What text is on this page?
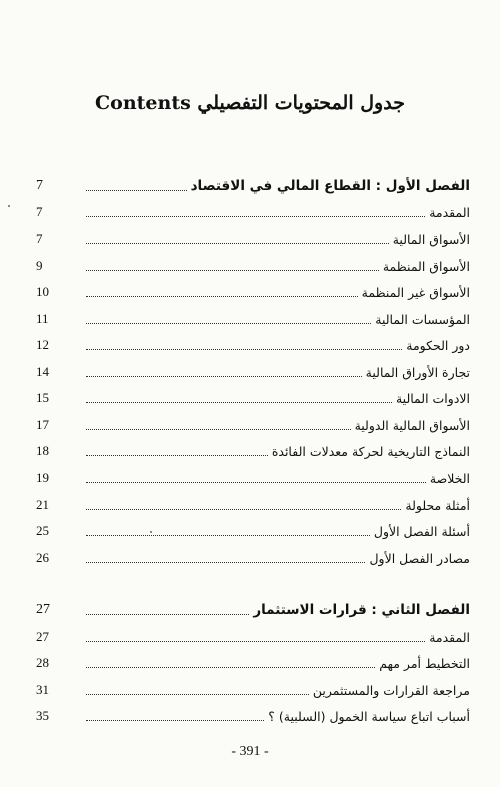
جدول المحتويات التفصيلي Contents
7	الفصل الأول : القطاع المالي في الاقتصاد
7	المقدمة
7	الأسواق المالية
9	الأسواق المنظمة
10	الأسواق غير المنظمة
11	المؤسسات المالية
12	دور الحكومة
14	تجارة الأوراق المالية
15	الادوات المالية
17	الأسواق المالية الدولية
18	النماذج التاريخية لحركة معدلات الفائدة
19	الخلاصة
21	أمثلة محلولة
25	أسئلة الفصل الأول
26	مصادر الفصل الأول
27	الفصل الثاني : قرارات الاستثمار
27	المقدمة
28	التخطيط أمر مهم
31	مراجعة القرارات والمستثمرين
35	أسباب اتباع سياسة الخمول (السلبية) ؟
- 391 -
